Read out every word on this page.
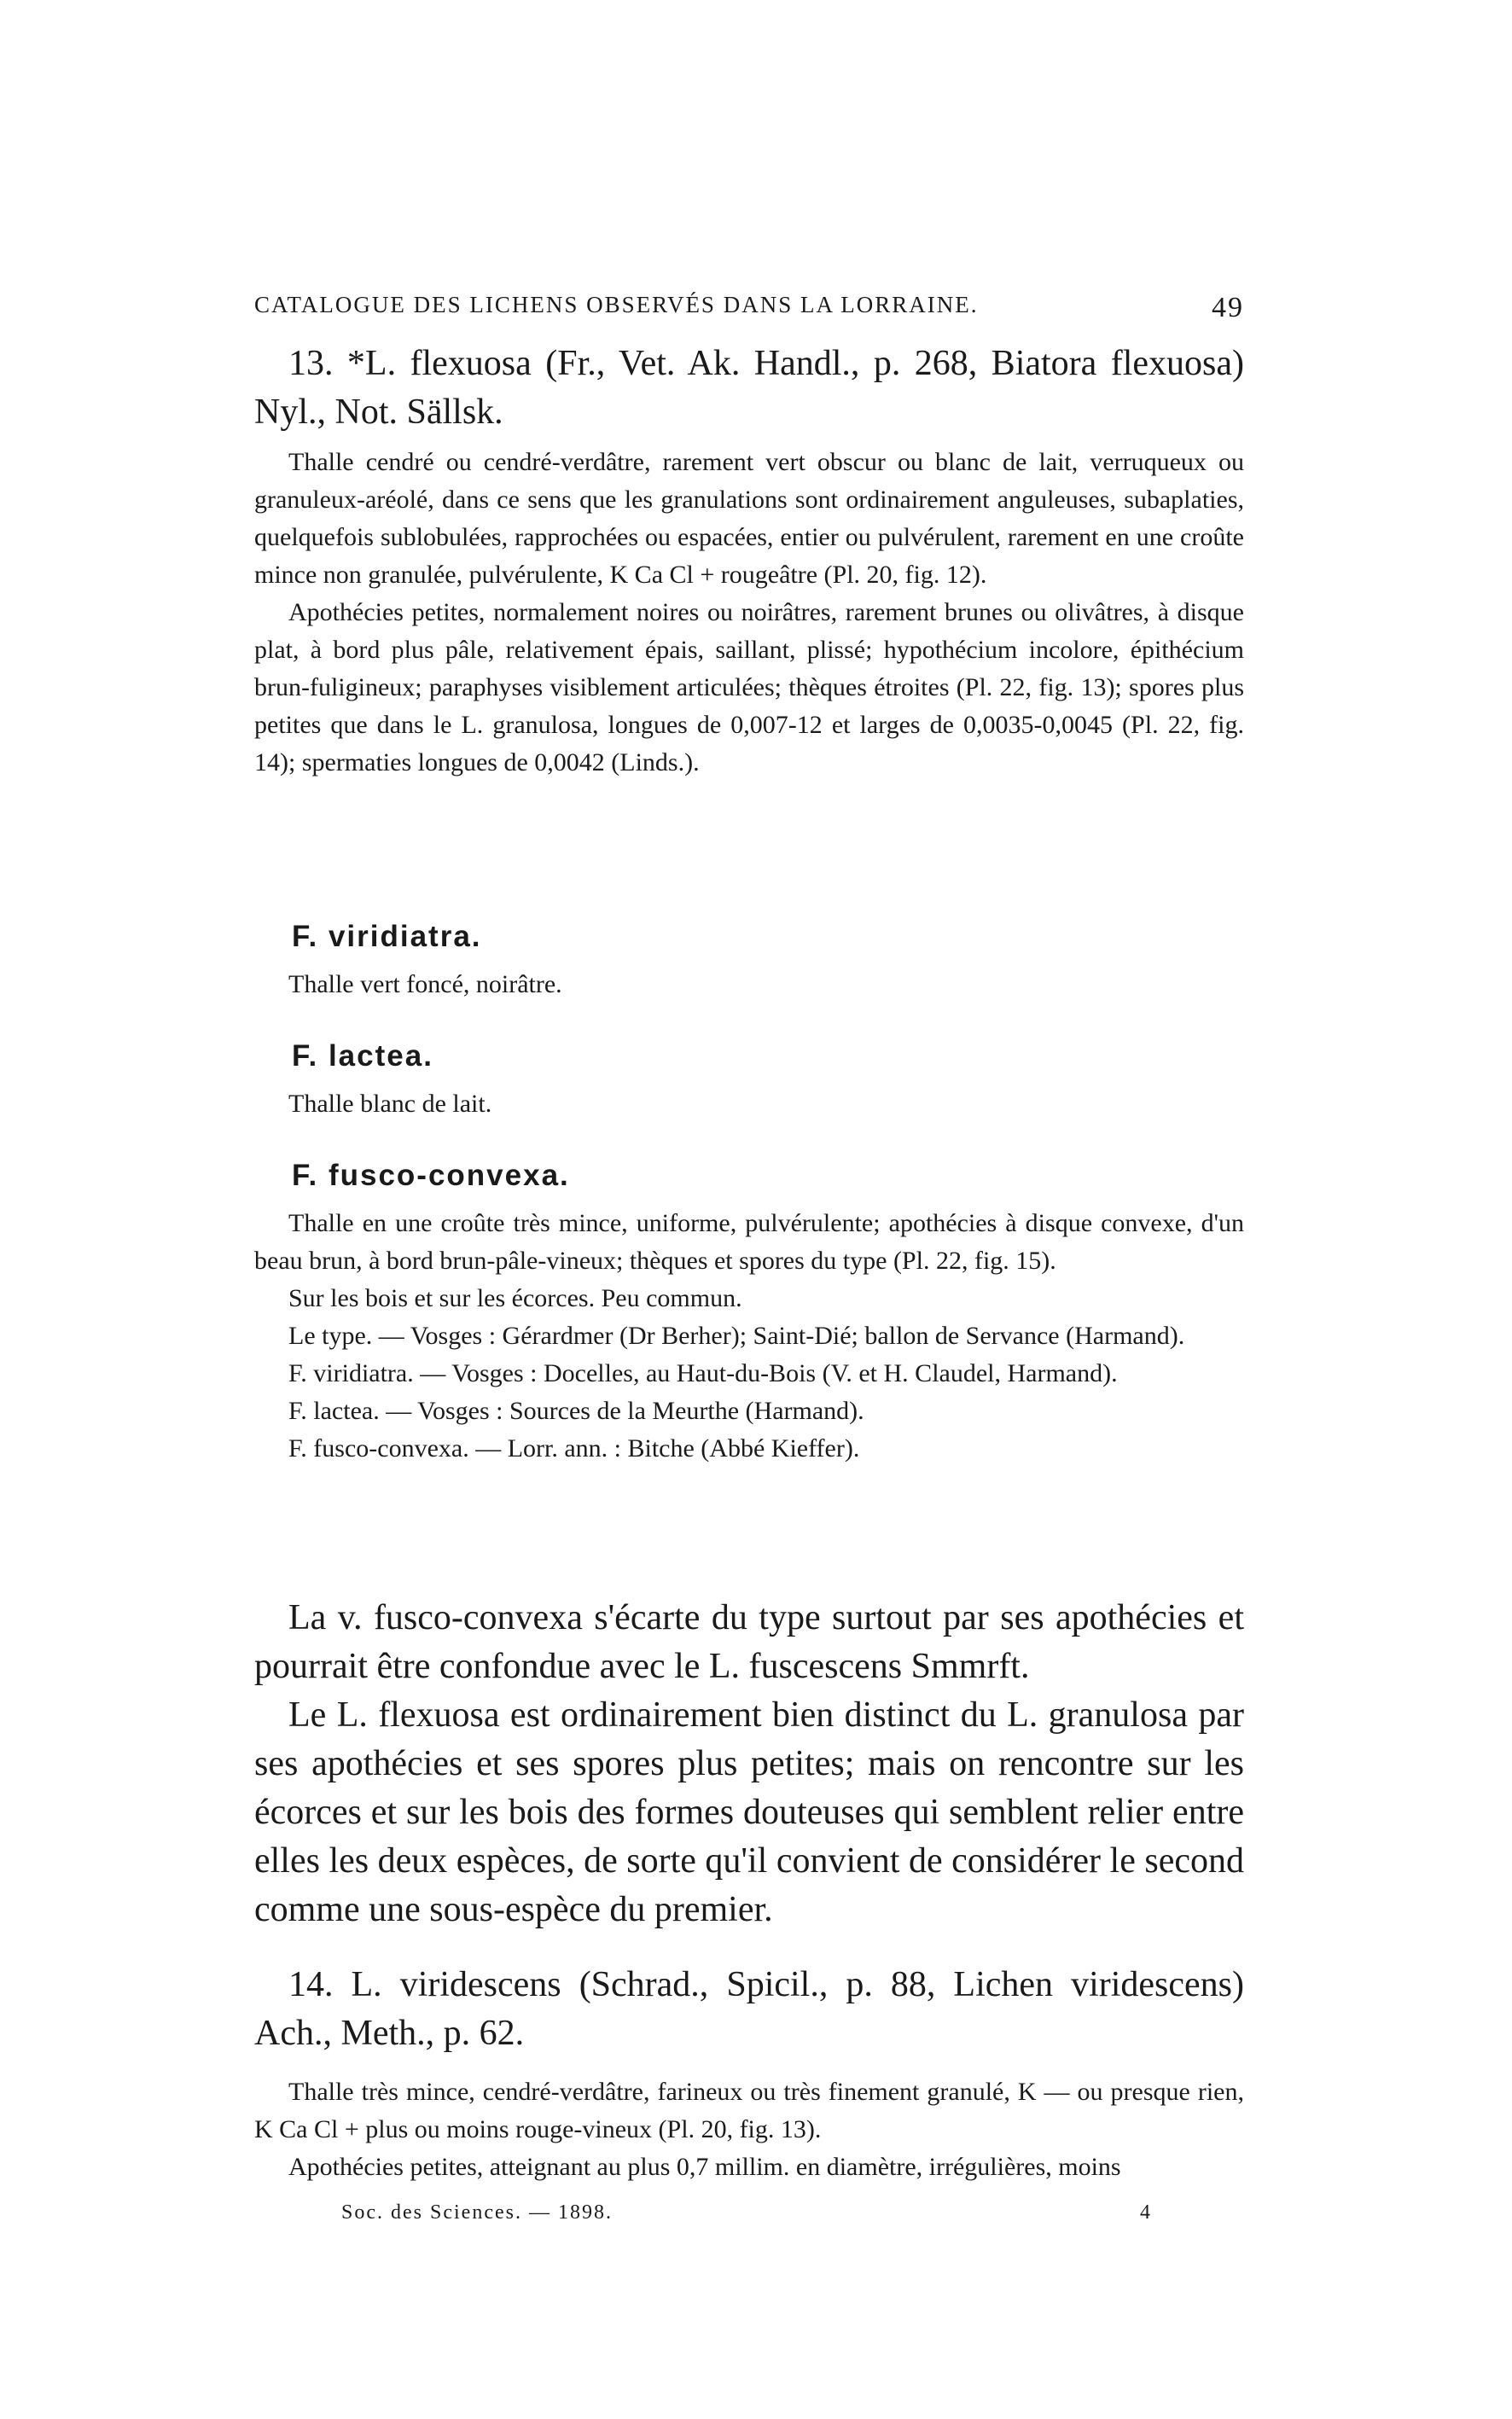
CATALOGUE DES LICHENS OBSERVÉS DANS LA LORRAINE.	49

13. *L. flexuosa (Fr., Vet. Ak. Handl., p. 268, Biatora flexuosa) Nyl., Not. Sällsk.

Thalle cendré ou cendré-verdâtre, rarement vert obscur ou blanc de lait, verruqueux ou granuleux-aréolé, dans ce sens que les granulations sont ordinairement anguleuses, subaplaties, quelquefois sublobulées, rapprochées ou espacées, entier ou pulvérulent, rarement en une croûte mince non granulée, pulvérulente, K Ca Cl + rougeâtre (Pl. 20, fig. 12).

Apothécies petites, normalement noires ou noirâtres, rarement brunes ou olivâtres, à disque plat, à bord plus pâle, relativement épais, saillant, plissé; hypothécium incolore, épithécium brun-fuligineux; paraphyses visiblement articulées; thèques étroites (Pl. 22, fig. 13); spores plus petites que dans le L. granulosa, longues de 0,007-12 et larges de 0,0035-0,0045 (Pl. 22, fig. 14); spermaties longues de 0,0042 (Linds.).

F. viridiatra.

Thalle vert foncé, noirâtre.

F. lactea.

Thalle blanc de lait.

F. fusco-convexa.

Thalle en une croûte très mince, uniforme, pulvérulente; apothécies à disque convexe, d'un beau brun, à bord brun-pâle-vineux; thèques et spores du type (Pl. 22, fig. 15).

Sur les bois et sur les écorces. Peu commun.

Le type. — Vosges : Gérardmer (Dr Berher); Saint-Dié; ballon de Servance (Harmand).

F. viridiatra. — Vosges : Docelles, au Haut-du-Bois (V. et H. Claudel, Harmand).

F. lactea. — Vosges : Sources de la Meurthe (Harmand).

F. fusco-convexa. — Lorr. ann. : Bitche (Abbé Kieffer).

La v. fusco-convexa s'écarte du type surtout par ses apothécies et pourrait être confondue avec le L. fuscescens Smmrft.

Le L. flexuosa est ordinairement bien distinct du L. granulosa par ses apothécies et ses spores plus petites; mais on rencontre sur les écorces et sur les bois des formes douteuses qui semblent relier entre elles les deux espèces, de sorte qu'il convient de considérer le second comme une sous-espèce du premier.

14. L. viridescens (Schrad., Spicil., p. 88, Lichen viridescens) Ach., Meth., p. 62.

Thalle très mince, cendré-verdâtre, farineux ou très finement granulé, K — ou presque rien, K Ca Cl + plus ou moins rouge-vineux (Pl. 20, fig. 13).

Apothécies petites, atteignant au plus 0,7 millim. en diamètre, irrégulières, moins

Soc. des Sciences. — 1898.	4
